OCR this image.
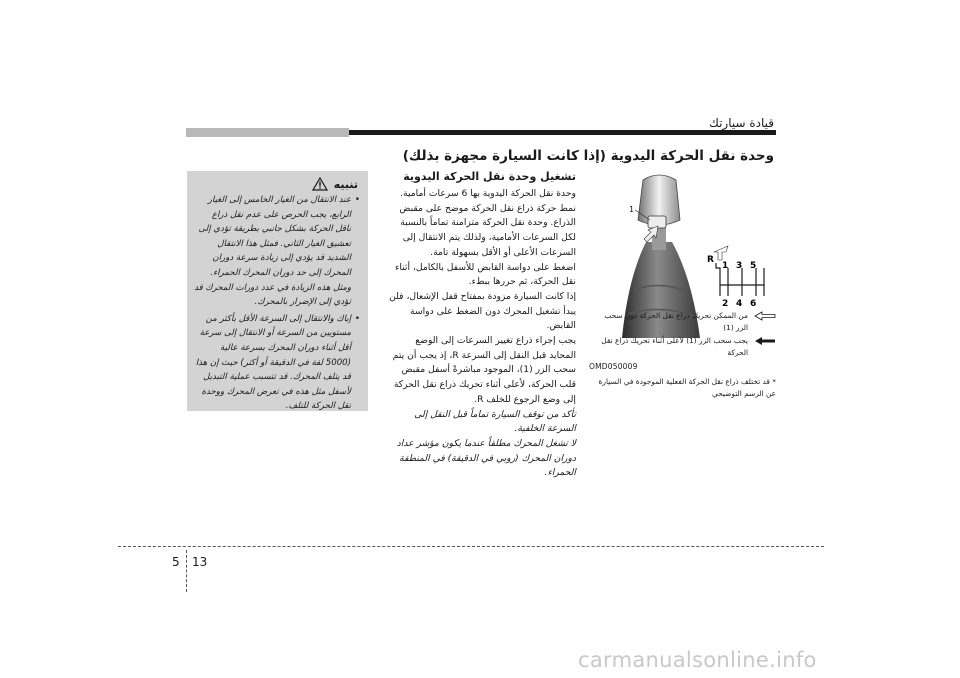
قيادة سيارتك
وحدة نقل الحركة اليدوية (إذا كانت السيارة مجهزة بذلك)
تنبيه
•
عند الانتقال من الغيار الخامس إلى الغيار الرابع، يجب الحرص على عدم نقل ذراع ناقل الحركة بشكل جانبي بطريقة تؤدي إلى تعشيق الغيار الثاني. فمثل هذا الانتقال الشديد قد يؤدي إلى زيادة سرعة دوران المحرك إلى حد دوران المحرك الحمراء. ومثل هذه الزيادة في عدد دورات المحرك قد تؤدي إلى الإضرار بالمحرك.
•
إياك والانتقال إلى السرعة الأقل بأكثر من مستويين من السرعة أو الانتقال إلى سرعة أقل أثناء دوران المحرك بسرعة عالية (5000 لفة في الدقيقة أو أكثر) حيث إن هذا قد يتلف المحرك. قد تتسبب عملية التبديل لأسفل مثل هذه في تعرض المحرك ووحدة نقل الحركة للتلف.
تشغيل وحدة نقل الحركة اليدوية

وحدة نقل الحركة اليدوية بها 6 سرعات أمامية.

نمط حركة ذراع نقل الحركة موضح على مقبض الذراع. وحدة نقل الحركة متزامنة تماماً بالنسبة لكل السرعات الأمامية، ولذلك يتم الانتقال إلى السرعات الأعلى أو الأقل بسهولة تامة.

اضغط على دواسة القابض للأسفل بالكامل، أثناء نقل الحركة، ثم حررها ببطء.

إذا كانت السيارة مزودة بمفتاح قفل الإشعال، فلن يبدأ تشغيل المحرك دون الضغط على دواسة القابض.

يجب إجراء ذراع تغيير السرعات إلى الوضع المحايد قبل النقل إلى السرعة R، إذ يجب أن يتم سحب الزر (1)، الموجود مباشرةً أسفل مقبض قلب الحركة، لأعلى أثناء تحريك ذراع نقل الحركة إلى وضع الرجوع للخلف R.

تأكد من توقف السيارة تماماً قبل النقل إلى السرعة الخلفية.

لا تشغل المحرك مطلقاً عندما يكون مؤشر عداد دوران المحرك (روبي في الدقيقة) في المنطقة الحمراء.

1
R
1 3 5
2 4 6
OMD050009
من الممكن تحريك ذراع نقل الحركة دون سحب الزر (1)
يجب سحب الزر (1) لأعلى أثناء تحريك ذراع نقل الحركة
* قد تختلف ذراع نقل الحركة الفعلية الموجودة في السيارة عن الرسم التوضيحي
5 13
carmanualsonline.info
